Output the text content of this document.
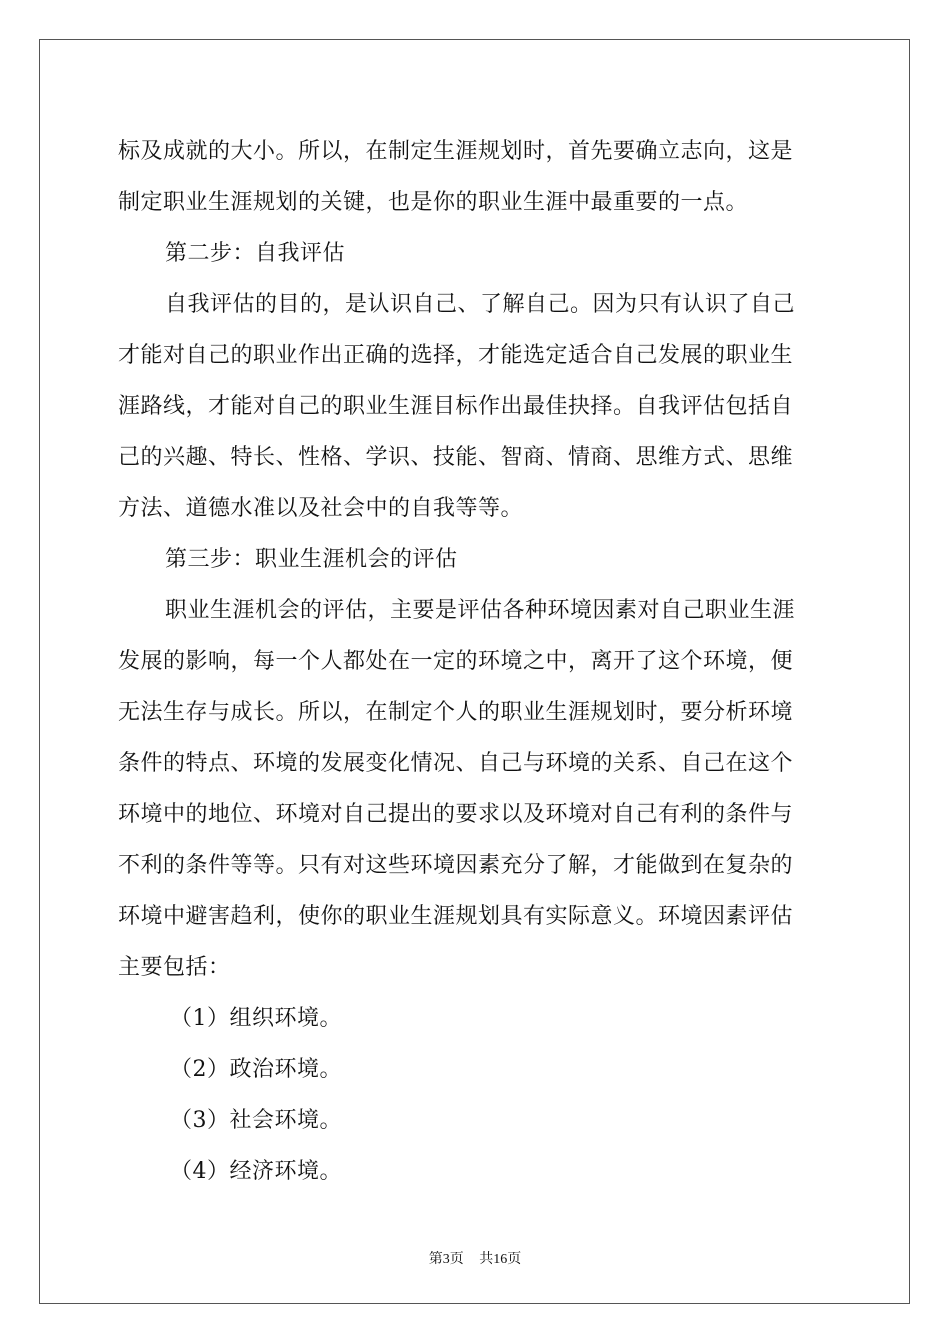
标及成就的大小。所以，在制定生涯规划时，首先要确立志向，这是
制定职业生涯规划的关键，也是你的职业生涯中最重要的一点。
第二步：自我评估
自我评估的目的，是认识自己、了解自己。因为只有认识了自己
才能对自己的职业作出正确的选择，才能选定适合自己发展的职业生
涯路线，才能对自己的职业生涯目标作出最佳抉择。自我评估包括自
己的兴趣、特长、性格、学识、技能、智商、情商、思维方式、思维
方法、道德水准以及社会中的自我等等。
第三步：职业生涯机会的评估
职业生涯机会的评估，主要是评估各种环境因素对自己职业生涯
发展的影响，每一个人都处在一定的环境之中，离开了这个环境，便
无法生存与成长。所以，在制定个人的职业生涯规划时，要分析环境
条件的特点、环境的发展变化情况、自己与环境的关系、自己在这个
环境中的地位、环境对自己提出的要求以及环境对自己有利的条件与
不利的条件等等。只有对这些环境因素充分了解，才能做到在复杂的
环境中避害趋利，使你的职业生涯规划具有实际意义。环境因素评估
主要包括：
（1）组织环境。
（2）政治环境。
（3）社会环境。
（4）经济环境。
第3页 共16页
